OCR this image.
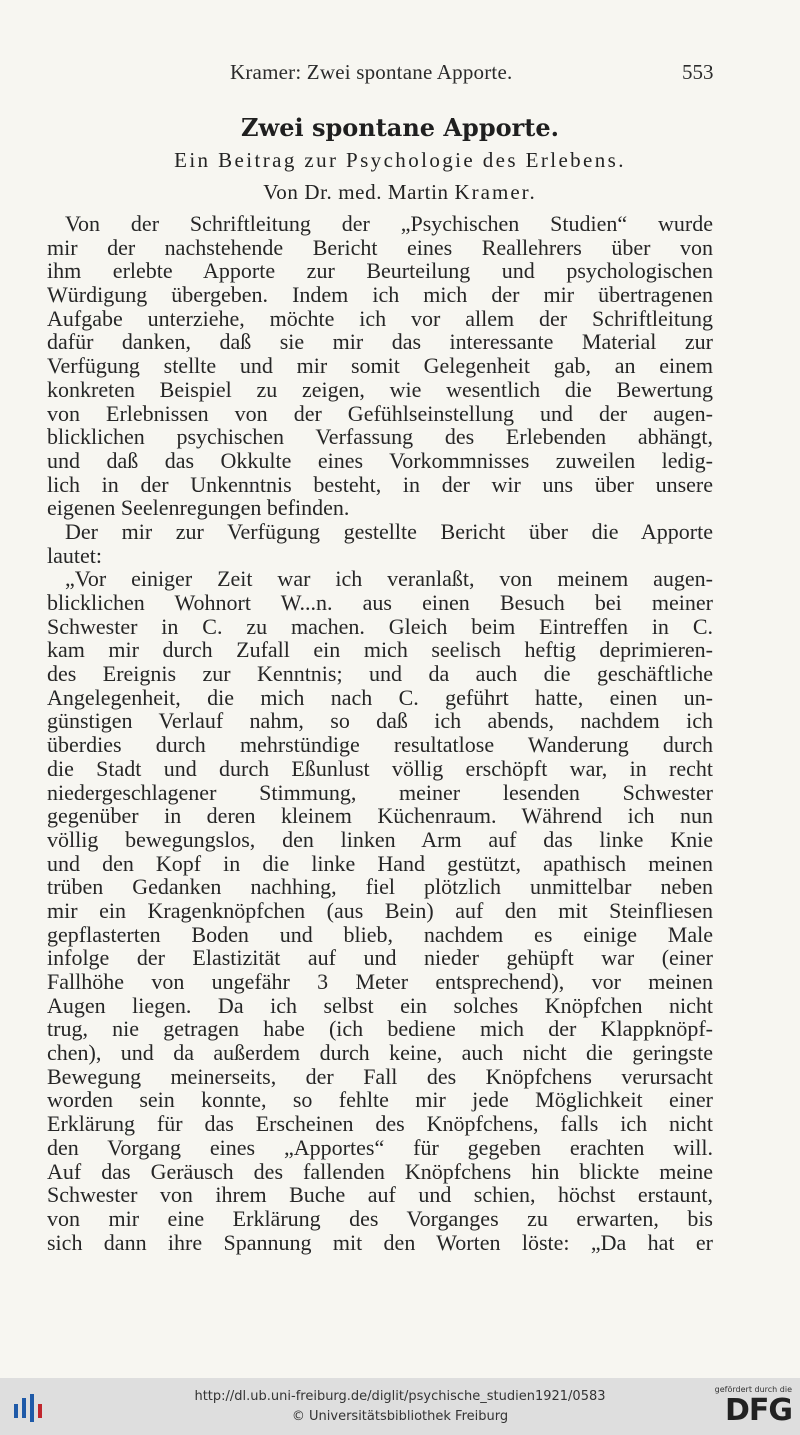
Kramer: Zwei spontane Apporte.	553
Zwei spontane Apporte.
Ein Beitrag zur Psychologie des Erlebens.
Von Dr. med. Martin Kramer.
Von der Schriftleitung der „Psychischen Studien“ wurde
mir der nachstehende Bericht eines Reallehrers über von
ihm erlebte Apporte zur Beurteilung und psychologischen
Würdigung übergeben. Indem ich mich der mir übertragenen
Aufgabe unterziehe, möchte ich vor allem der Schriftleitung
dafür danken, daß sie mir das interessante Material zur
Verfügung stellte und mir somit Gelegenheit gab, an einem
konkreten Beispiel zu zeigen, wie wesentlich die Bewertung
von Erlebnissen von der Gefühlseinstellung und der augen-
blicklichen psychischen Verfassung des Erlebenden abhängt,
und daß das Okkulte eines Vorkommnisses zuweilen ledig-
lich in der Unkenntnis besteht, in der wir uns über unsere
eigenen Seelenregungen befinden.
Der mir zur Verfügung gestellte Bericht über die Apporte
lautet:
„Vor einiger Zeit war ich veranlaßt, von meinem augen-
blicklichen Wohnort W...n. aus einen Besuch bei meiner
Schwester in C. zu machen. Gleich beim Eintreffen in C.
kam mir durch Zufall ein mich seelisch heftig deprimieren-
des Ereignis zur Kenntnis; und da auch die geschäftliche
Angelegenheit, die mich nach C. geführt hatte, einen un-
günstigen Verlauf nahm, so daß ich abends, nachdem ich
überdies durch mehrstündige resultatlose Wanderung durch
die Stadt und durch Eßunlust völlig erschöpft war, in recht
niedergeschlagener Stimmung, meiner lesenden Schwester
gegenüber in deren kleinem Küchenraum. Während ich nun
völlig bewegungslos, den linken Arm auf das linke Knie
und den Kopf in die linke Hand gestützt, apathisch meinen
trüben Gedanken nachhing, fiel plötzlich unmittelbar neben
mir ein Kragenknöpfchen (aus Bein) auf den mit Steinfliesen
gepflasterten Boden und blieb, nachdem es einige Male
infolge der Elastizität auf und nieder gehüpft war (einer
Fallhöhe von ungefähr 3 Meter entsprechend), vor meinen
Augen liegen. Da ich selbst ein solches Knöpfchen nicht
trug, nie getragen habe (ich bediene mich der Klappknöpf-
chen), und da außerdem durch keine, auch nicht die geringste
Bewegung meinerseits, der Fall des Knöpfchens verursacht
worden sein konnte, so fehlte mir jede Möglichkeit einer
Erklärung für das Erscheinen des Knöpfchens, falls ich nicht
den Vorgang eines „Apportes“ für gegeben erachten will.
Auf das Geräusch des fallenden Knöpfchens hin blickte meine
Schwester von ihrem Buche auf und schien, höchst erstaunt,
von mir eine Erklärung des Vorganges zu erwarten, bis
sich dann ihre Spannung mit den Worten löste: „Da hat er
http://dl.ub.uni-freiburg.de/diglit/psychische_studien1921/0583
© Universitätsbibliothek Freiburg
gefördert durch die
DFG
